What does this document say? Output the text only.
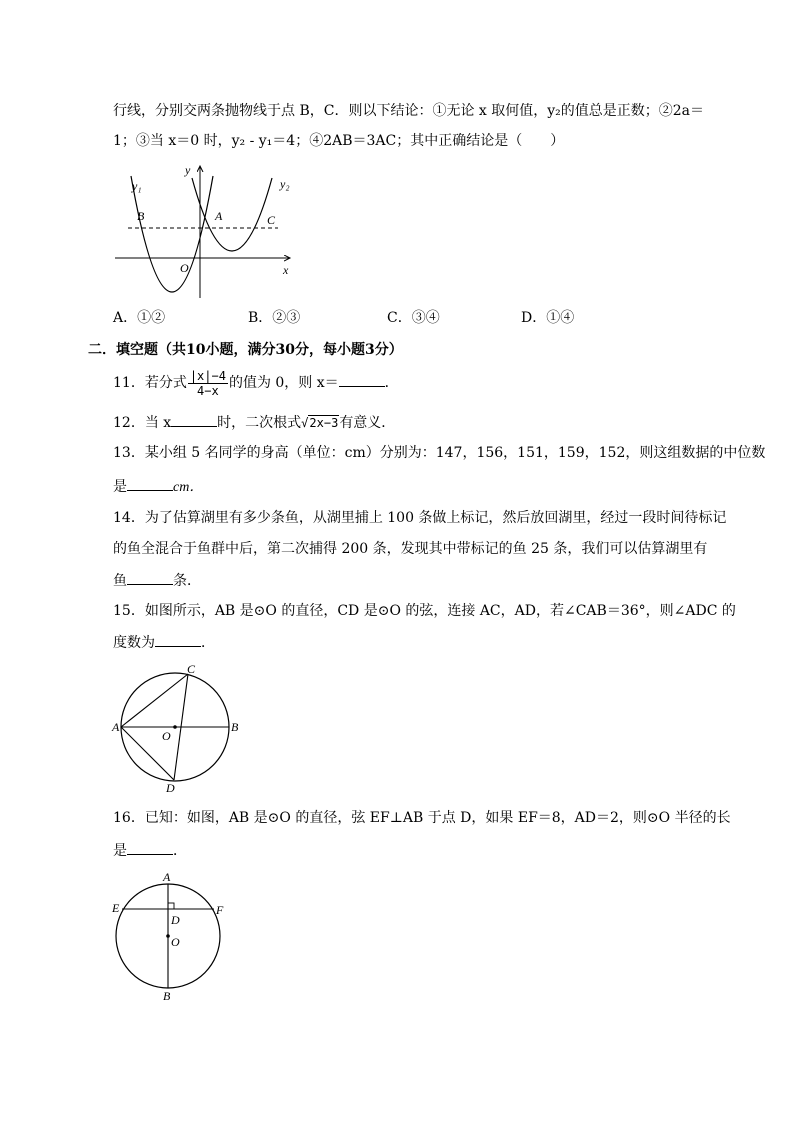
行线，分别交两条抛物线于点 B，C．则以下结论：①无论 x 取何值，y₂的值总是正数；②2a＝
1；③当 x＝0 时，y₂ - y₁＝4；④2AB＝3AC；其中正确结论是（　　）
y₁
y
y₂
B	A	C
O	x
A．①②	B．②③	C．③④	D．①④
二．填空题（共10小题，满分30分，每小题3分）
11．若分式 $\frac{|x|-4}{4-x}$ 的值为 0，则 x＝	．
12．当 x	时，二次根式√2x−3有意义．
13．某小组 5 名同学的身高（单位：cm）分别为：147，156，151，159，152，则这组数据的中位数
是	cm．
14．为了估算湖里有多少条鱼，从湖里捕上 100 条做上标记，然后放回湖里，经过一段时间待标记
的鱼全混合于鱼群中后，第二次捕得 200 条，发现其中带标记的鱼 25 条，我们可以估算湖里有
鱼	条．
15．如图所示，AB 是⊙O 的直径，CD 是⊙O 的弦，连接 AC，AD，若∠CAB＝36°，则∠ADC 的
度数为	．
A	B
C
D
O
16．已知：如图，AB 是⊙O 的直径，弦 EF⊥AB 于点 D，如果 EF＝8，AD＝2，则⊙O 半径的长
是	．
A
E	F
D
O
B
